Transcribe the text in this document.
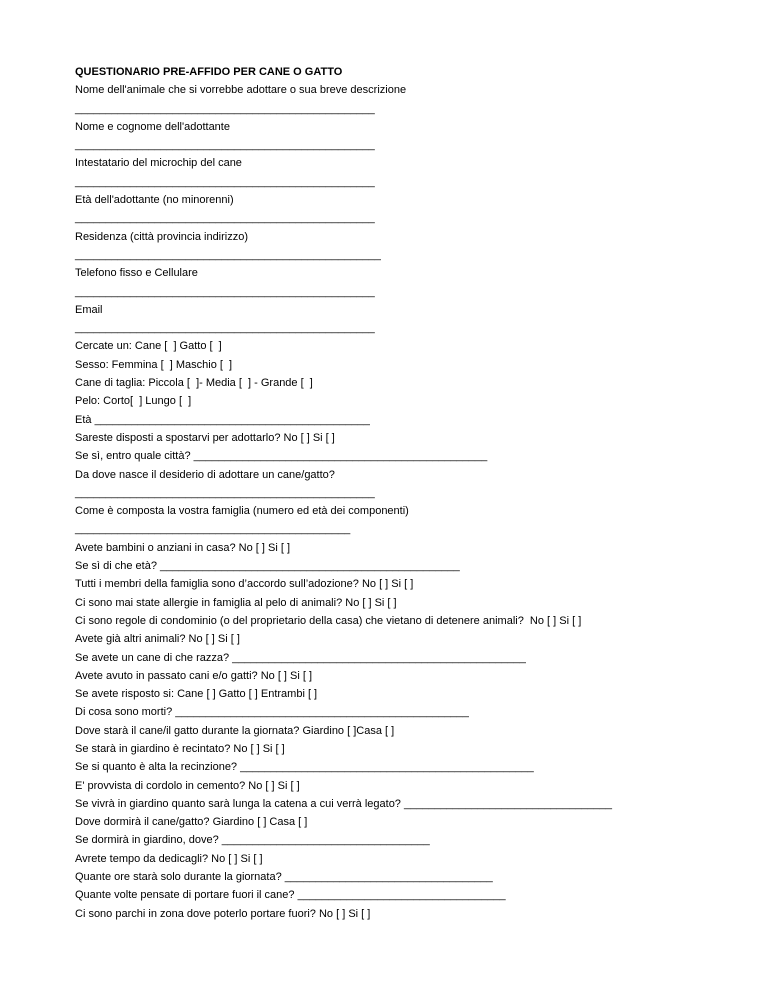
QUESTIONARIO PRE-AFFIDO PER CANE O GATTO
Nome dell'animale che si vorrebbe adottare o sua breve descrizione
_________________________________________________
Nome e cognome dell'adottante
_________________________________________________
Intestatario del microchip del cane
_________________________________________________
Età dell'adottante (no minorenni)
_________________________________________________
Residenza (città provincia indirizzo)
__________________________________________________
Telefono fisso e Cellulare
_________________________________________________
Email
_________________________________________________
Cercate un: Cane [  ] Gatto [  ]
Sesso: Femmina [  ] Maschio [  ]
Cane di taglia: Piccola [  ]- Media [  ] - Grande [  ]
Pelo: Corto[  ] Lungo [  ]
Età _____________________________________________
Sareste disposti a spostarvi per adottarlo? No [ ] Si [ ]
Se sì, entro quale città? ________________________________________________
Da dove nasce il desiderio di adottare un cane/gatto?
_________________________________________________
Come è composta la vostra famiglia (numero ed età dei componenti)
_____________________________________________
Avete bambini o anziani in casa? No [ ] Si [ ]
Se sì di che età? _________________________________________________
Tutti i membri della famiglia sono d’accordo sull’adozione? No [ ] Si [ ]
Ci sono mai state allergie in famiglia al pelo di animali? No [ ] Si [ ]
Ci sono regole di condominio (o del proprietario della casa) che vietano di detenere animali?  No [ ] Si [ ]
Avete già altri animali? No [ ] Si [ ]
Se avete un cane di che razza? ________________________________________________
Avete avuto in passato cani e/o gatti? No [ ] Si [ ]
Se avete risposto si: Cane [ ] Gatto [ ] Entrambi [ ]
Di cosa sono morti? ________________________________________________
Dove starà il cane/il gatto durante la giornata? Giardino [ ]Casa [ ]
Se starà in giardino è recintato? No [ ] Si [ ]
Se si quanto è alta la recinzione? ________________________________________________
E' provvista di cordolo in cemento? No [ ] Si [ ]
Se vivrà in giardino quanto sarà lunga la catena a cui verrà legato? __________________________________
Dove dormirà il cane/gatto? Giardino [ ] Casa [ ]
Se dormirà in giardino, dove? __________________________________
Avrete tempo da dedicagli? No [ ] Si [ ]
Quante ore starà solo durante la giornata? __________________________________
Quante volte pensate di portare fuori il cane? __________________________________
Ci sono parchi in zona dove poterlo portare fuori? No [ ] Si [ ]
